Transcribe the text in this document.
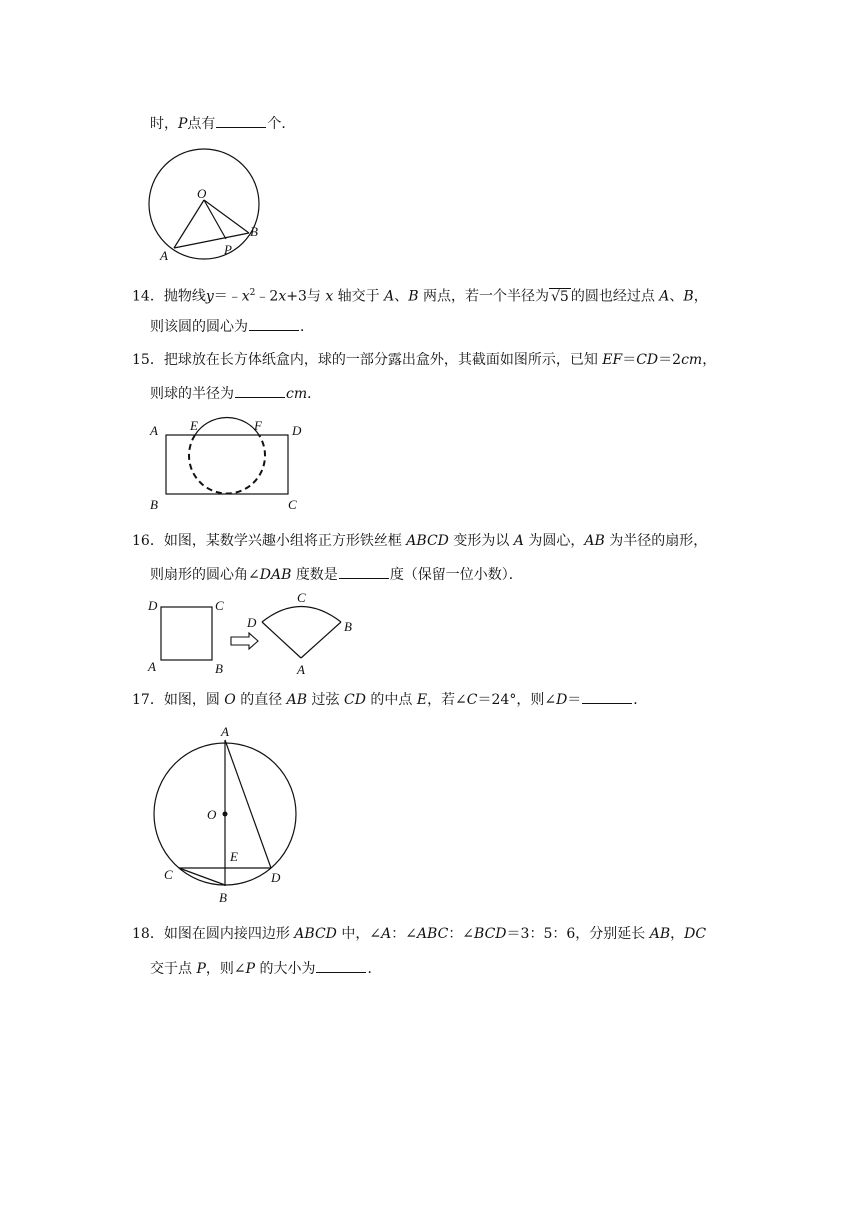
时，P点有	个．
O
A
B
P
14．抛物线$y=﹣x^2﹣2x+3$与 x 轴交于 A、B 两点，若一个半径为 √5 的圆也经过点 A、B，
则该圆的圆心为	．
15．把球放在长方体纸盒内，球的一部分露出盒外，其截面如图所示，已知 EF＝CD＝2cm，
则球的半径为	cm．
A E	F D
B	C
16．如图，某数学兴趣小组将正方形铁丝框 ABCD 变形为以 A 为圆心，AB 为半径的扇形，
则扇形的圆心角∠DAB 度数是	度（保留一位小数）．
D	C
A	B
D
C
B
A
17．如图，圆 O 的直径 AB 过弦 CD 的中点 E，若∠C＝24°，则∠D＝	．
A
O
E
C
B
D
18．如图在圆内接四边形 ABCD 中，∠A：∠ABC：∠BCD＝3：5：6，分别延长 AB，DC
交于点 P，则∠P 的大小为	．
